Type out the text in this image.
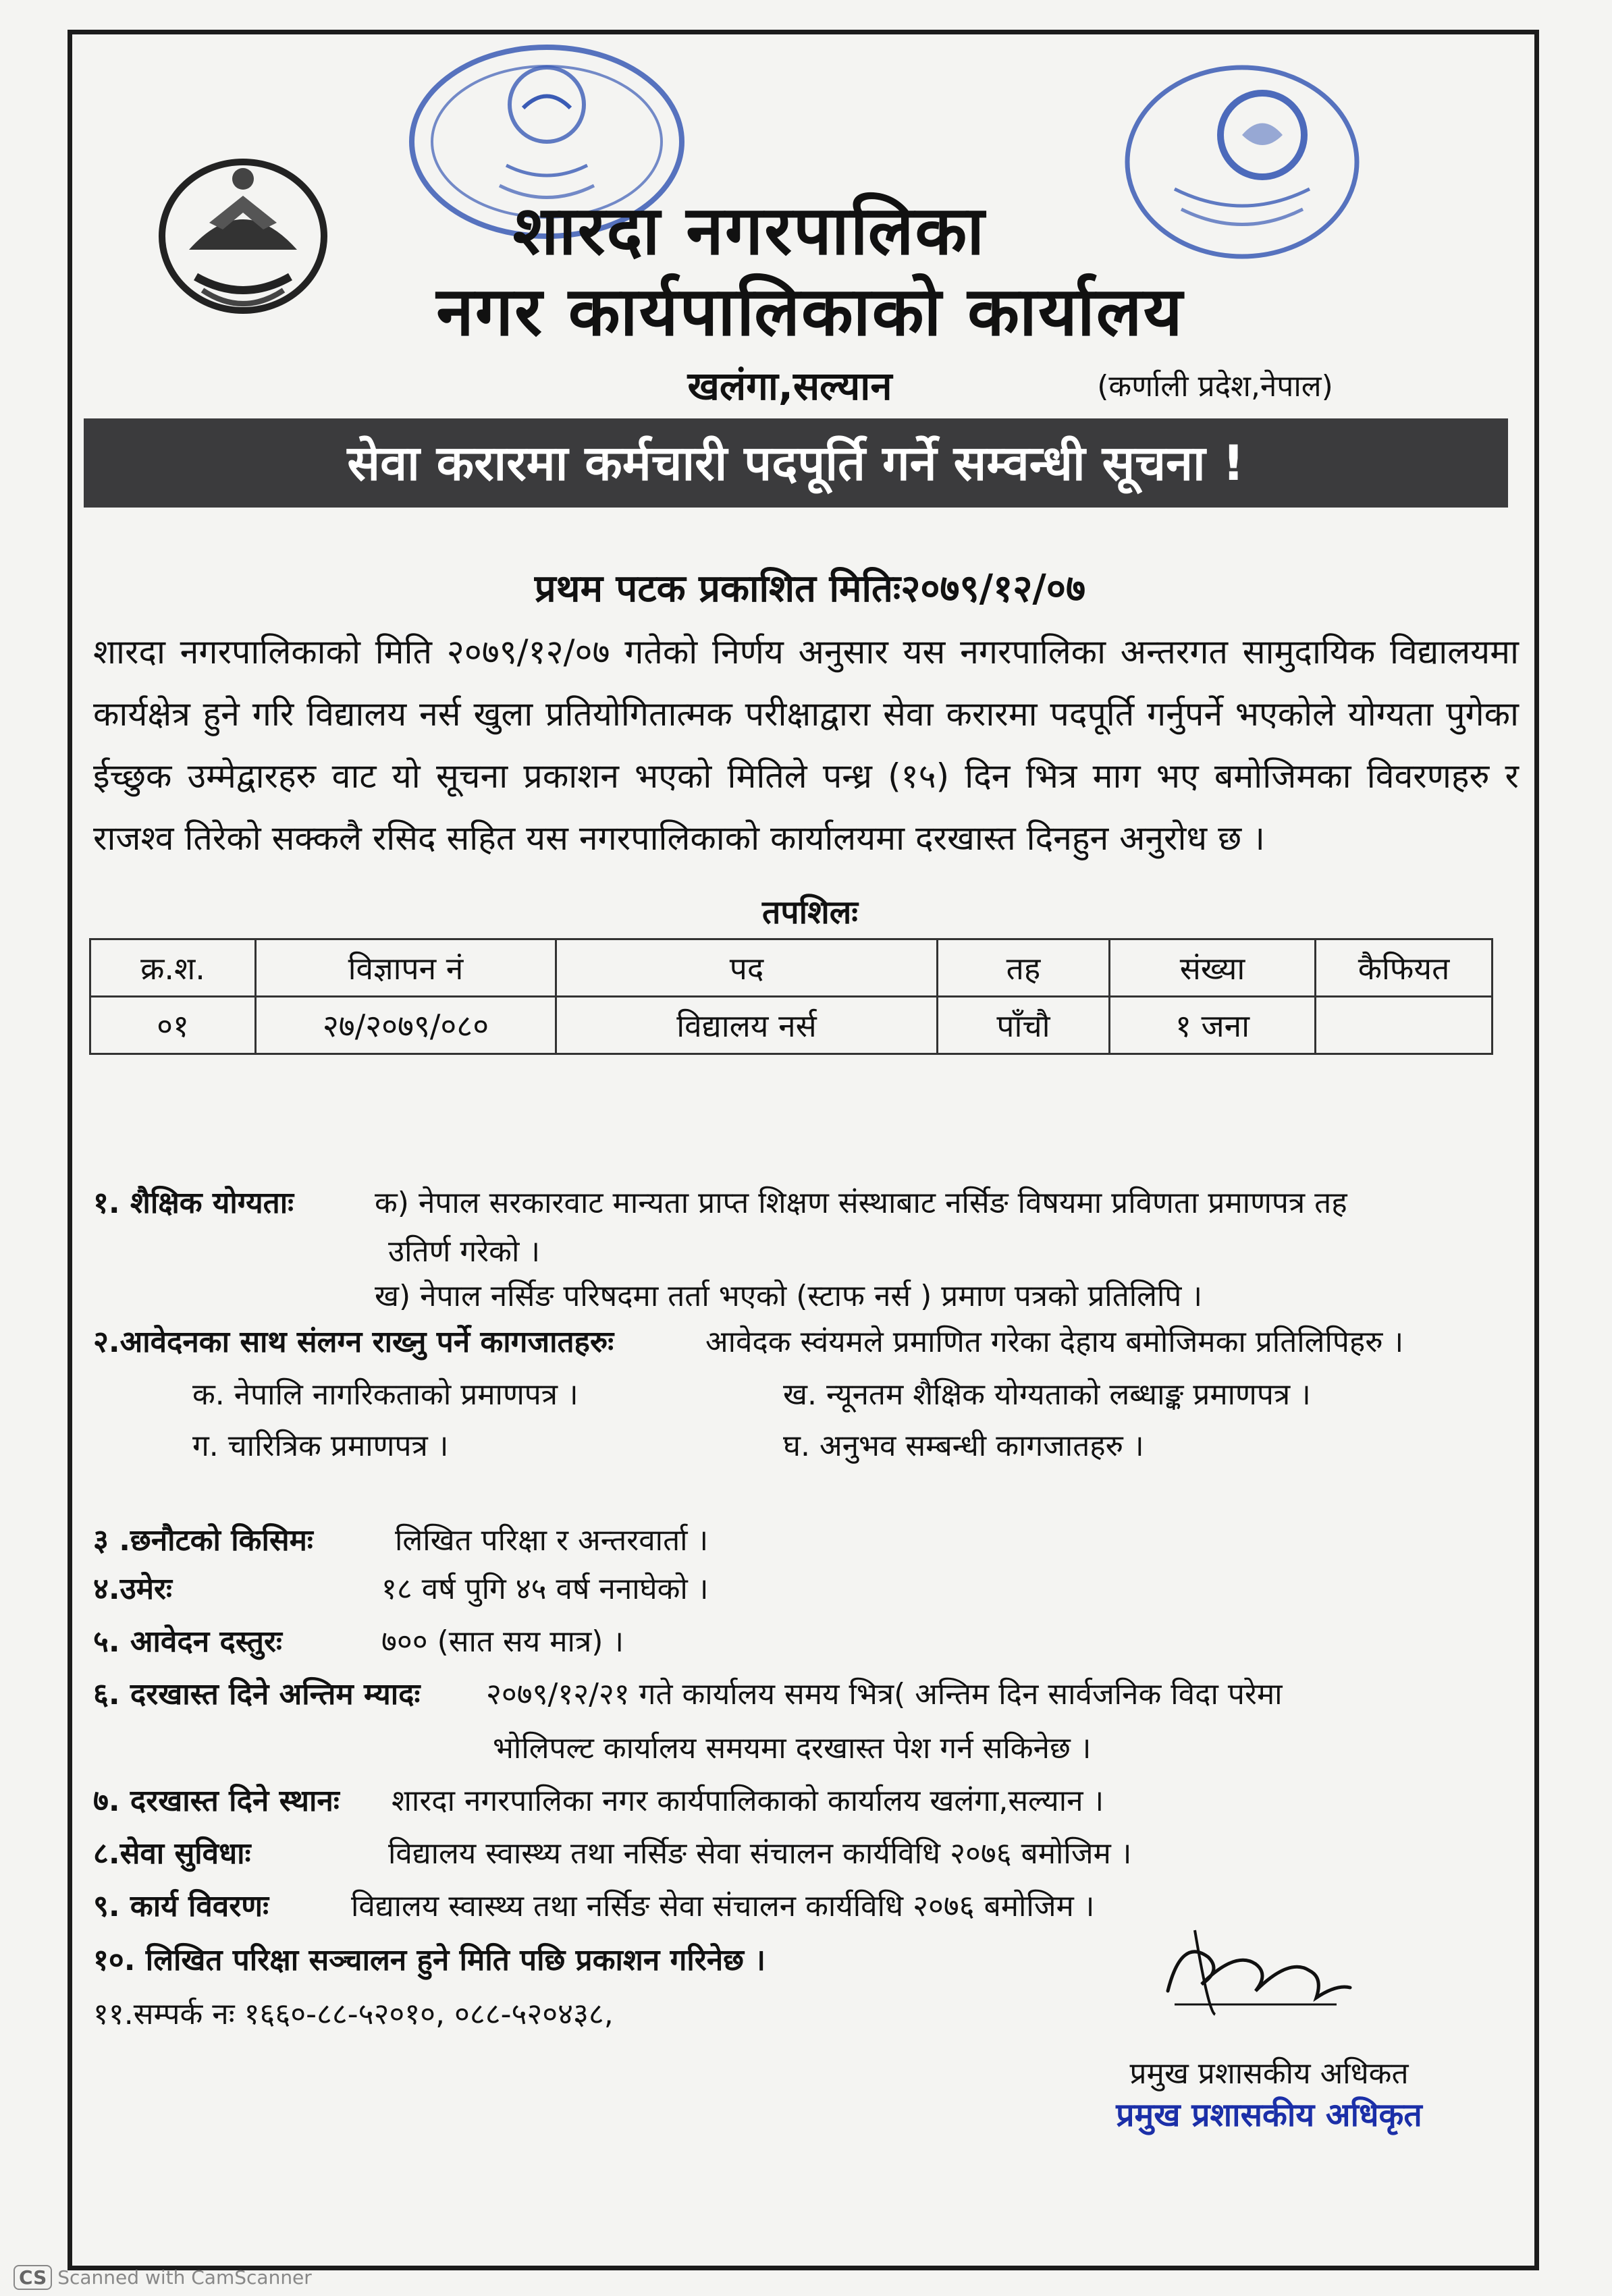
शारदा नगरपालिका
नगर कार्यपालिकाको कार्यालय
खलंगा,सल्यान	(कर्णाली प्रदेश,नेपाल)
सेवा करारमा कर्मचारी पदपूर्ति गर्ने सम्वन्धी सूचना !
प्रथम पटक प्रकाशित मितिः२०७९/१२/०७
शारदा नगरपालिकाको मिति २०७९/१२/०७ गतेको निर्णय अनुसार यस नगरपालिका अन्तरगत सामुदायिक विद्यालयमा कार्यक्षेत्र हुने गरि विद्यालय नर्स खुला प्रतियोगितात्मक परीक्षाद्वारा सेवा करारमा पदपूर्ति गर्नुपर्ने भएकोले योग्यता पुगेका ईच्छुक उम्मेद्वारहरु वाट यो सूचना प्रकाशन भएको मितिले पन्ध्र (१५) दिन भित्र माग भए बमोजिमका विवरणहरु र राजश्व तिरेको सक्कलै रसिद सहित यस नगरपालिकाको कार्यालयमा दरखास्त दिनहुन अनुरोध छ ।
तपशिलः
क्र.श.	विज्ञापन नं	पद	तह	संख्या	कैफियत
०१	२७/२०७९/०८०	विद्यालय नर्स	पाँचौ	१ जना	
१. शैक्षिक योग्यताः	क) नेपाल सरकारवाट मान्यता प्राप्त शिक्षण संस्थाबाट नर्सिङ विषयमा प्रविणता प्रमाणपत्र तह
उतिर्ण गरेको ।
ख) नेपाल नर्सिङ परिषदमा तर्ता भएको (स्टाफ नर्स ) प्रमाण पत्रको प्रतिलिपि ।
२.आवेदनका साथ संलग्न राख्नु पर्ने कागजातहरुः	आवेदक स्वंयमले प्रमाणित गरेका देहाय बमोजिमका प्रतिलिपिहरु ।
क. नेपालि नागरिकताको प्रमाणपत्र ।	ख. न्यूनतम शैक्षिक योग्यताको लब्धाङ्क प्रमाणपत्र ।
ग. चारित्रिक प्रमाणपत्र ।	घ. अनुभव सम्बन्धी कागजातहरु ।
३ .छनौटको किसिमः	लिखित परिक्षा र अन्तरवार्ता ।
४.उमेरः	१८ वर्ष पुगि ४५ वर्ष ननाघेको ।
५. आवेदन दस्तुरः	७०० (सात सय मात्र) ।
६. दरखास्त दिने अन्तिम म्यादः २०७९/१२/२१ गते कार्यालय समय भित्र( अन्तिम दिन सार्वजनिक विदा परेमा
भोलिपल्ट कार्यालय समयमा दरखास्त पेश गर्न सकिनेछ ।
७. दरखास्त दिने स्थानः शारदा नगरपालिका नगर कार्यपालिकाको कार्यालय खलंगा,सल्यान ।
८.सेवा सुविधाः	विद्यालय स्वास्थ्य तथा नर्सिङ सेवा संचालन कार्यविधि २०७६ बमोजिम ।
९. कार्य विवरणः	विद्यालय स्वास्थ्य तथा नर्सिङ सेवा संचालन कार्यविधि २०७६ बमोजिम ।
१०. लिखित परिक्षा सञ्चालन हुने मिति पछि प्रकाशन गरिनेछ ।
११.सम्पर्क नः १६६०-८८-५२०१०, ०८८-५२०४३८,
प्रमुख प्रशासकीय अधिकत
प्रमुख प्रशासकीय अधिकृत
CS Scanned with CamScanner
